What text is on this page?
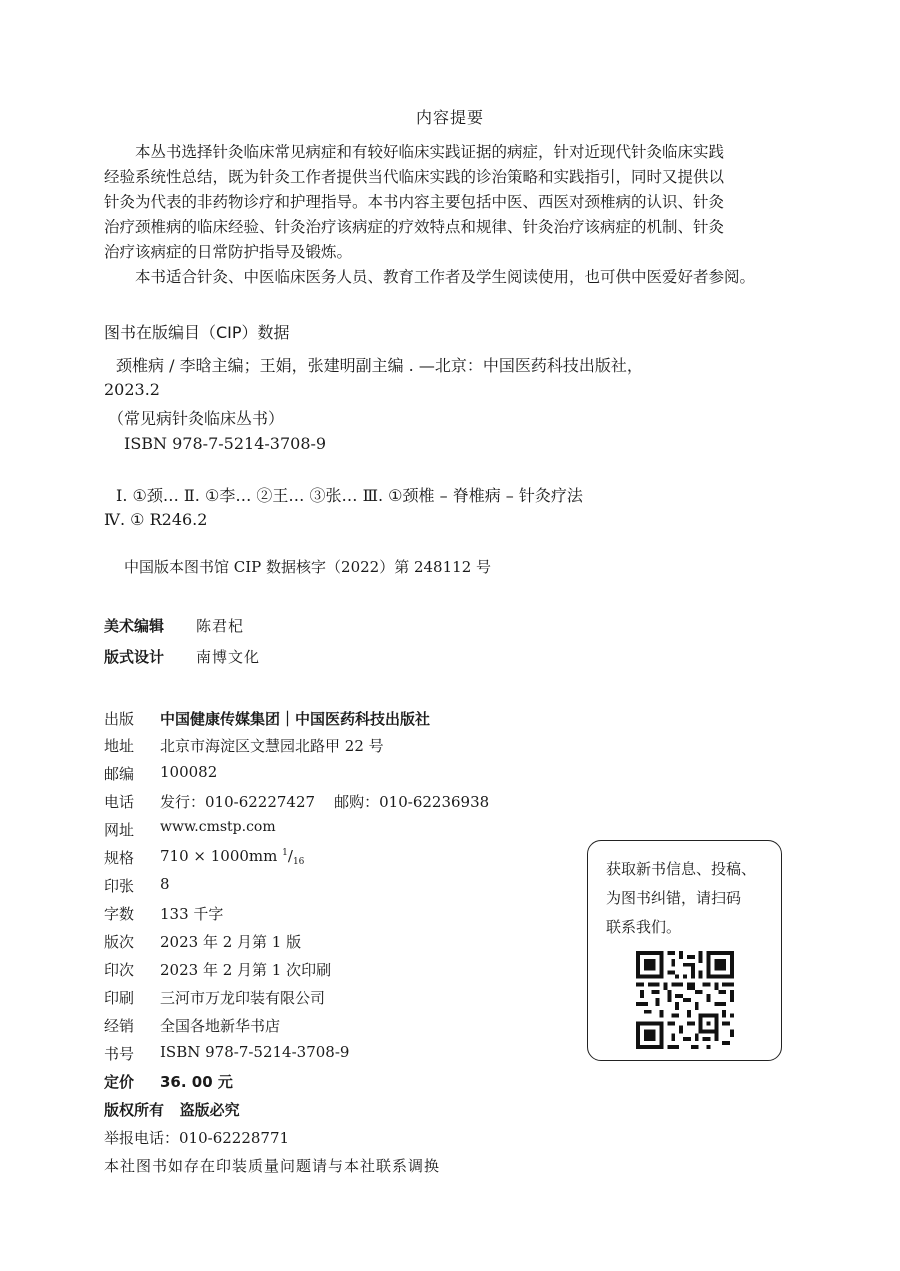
内容提要

本丛书选择针灸临床常见病症和有较好临床实践证据的病症，针对近现代针灸临床实践

经验系统性总结，既为针灸工作者提供当代临床实践的诊治策略和实践指引，同时又提供以

针灸为代表的非药物诊疗和护理指导。本书内容主要包括中医、西医对颈椎病的认识、针灸

治疗颈椎病的临床经验、针灸治疗该病症的疗效特点和规律、针灸治疗该病症的机制、针灸

治疗该病症的日常防护指导及锻炼。

本书适合针灸、中医临床医务人员、教育工作者及学生阅读使用，也可供中医爱好者参阅。

图书在版编目（CIP）数据
颈椎病 / 李晗主编；王娟，张建明副主编 . —北京：中国医药科技出版社，
2023.2
（常见病针灸临床丛书）
ISBN 978-7-5214-3708-9
Ⅰ. ①颈… Ⅱ. ①李… ②王… ③张… Ⅲ. ①颈椎 – 脊椎病 – 针灸疗法
Ⅳ. ① R246.2
中国版本图书馆 CIP 数据核字（2022）第 248112 号
美术编辑 陈君杞
版式设计 南博文化
出版	中国健康传媒集团｜中国医药科技出版社
地址	北京市海淀区文慧园北路甲 22 号
邮编	100082
电话	发行：010-62227427    邮购：010-62236938
网址	www.cmstp.com
规格	710 × 1000mm $^1/_{16}$
印张	8
字数	133 千字
版次	2023 年 2 月第 1 版
印次	2023 年 2 月第 1 次印刷
印刷	三河市万龙印装有限公司
经销	全国各地新华书店
书号	ISBN 978-7-5214-3708-9
定价	36. 00 元
版权所有   盗版必究
举报电话：010-62228771
本社图书如存在印装质量问题请与本社联系调换
获取新书信息、投稿、
为图书纠错，请扫码
联系我们。
